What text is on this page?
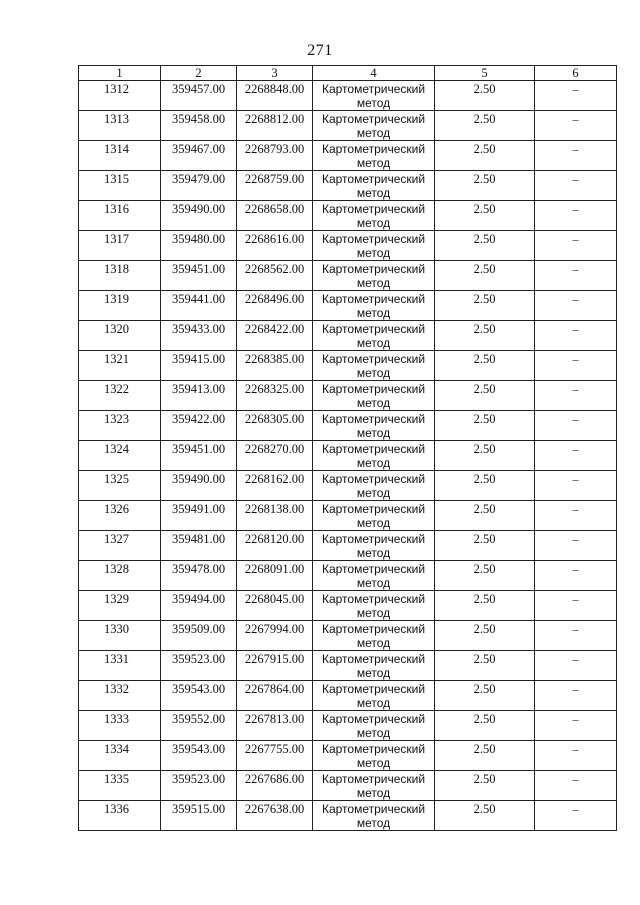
271
1	2	3	4	5	6

1312	359457.00	2268848.00	Картометрический метод	2.50	–

1313	359458.00	2268812.00	Картометрический метод	2.50	–

1314	359467.00	2268793.00	Картометрический метод	2.50	–

1315	359479.00	2268759.00	Картометрический метод	2.50	–

1316	359490.00	2268658.00	Картометрический метод	2.50	–

1317	359480.00	2268616.00	Картометрический метод	2.50	–

1318	359451.00	2268562.00	Картометрический метод	2.50	–

1319	359441.00	2268496.00	Картометрический метод	2.50	–

1320	359433.00	2268422.00	Картометрический метод	2.50	–

1321	359415.00	2268385.00	Картометрический метод	2.50	–

1322	359413.00	2268325.00	Картометрический метод	2.50	–

1323	359422.00	2268305.00	Картометрический метод	2.50	–

1324	359451.00	2268270.00	Картометрический метод	2.50	–

1325	359490.00	2268162.00	Картометрический метод	2.50	–

1326	359491.00	2268138.00	Картометрический метод	2.50	–

1327	359481.00	2268120.00	Картометрический метод	2.50	–

1328	359478.00	2268091.00	Картометрический метод	2.50	–

1329	359494.00	2268045.00	Картометрический метод	2.50	–

1330	359509.00	2267994.00	Картометрический метод	2.50	–

1331	359523.00	2267915.00	Картометрический метод	2.50	–

1332	359543.00	2267864.00	Картометрический метод	2.50	–

1333	359552.00	2267813.00	Картометрический метод	2.50	–

1334	359543.00	2267755.00	Картометрический метод	2.50	–

1335	359523.00	2267686.00	Картометрический метод	2.50	–

1336	359515.00	2267638.00	Картометрический метод	2.50	–
